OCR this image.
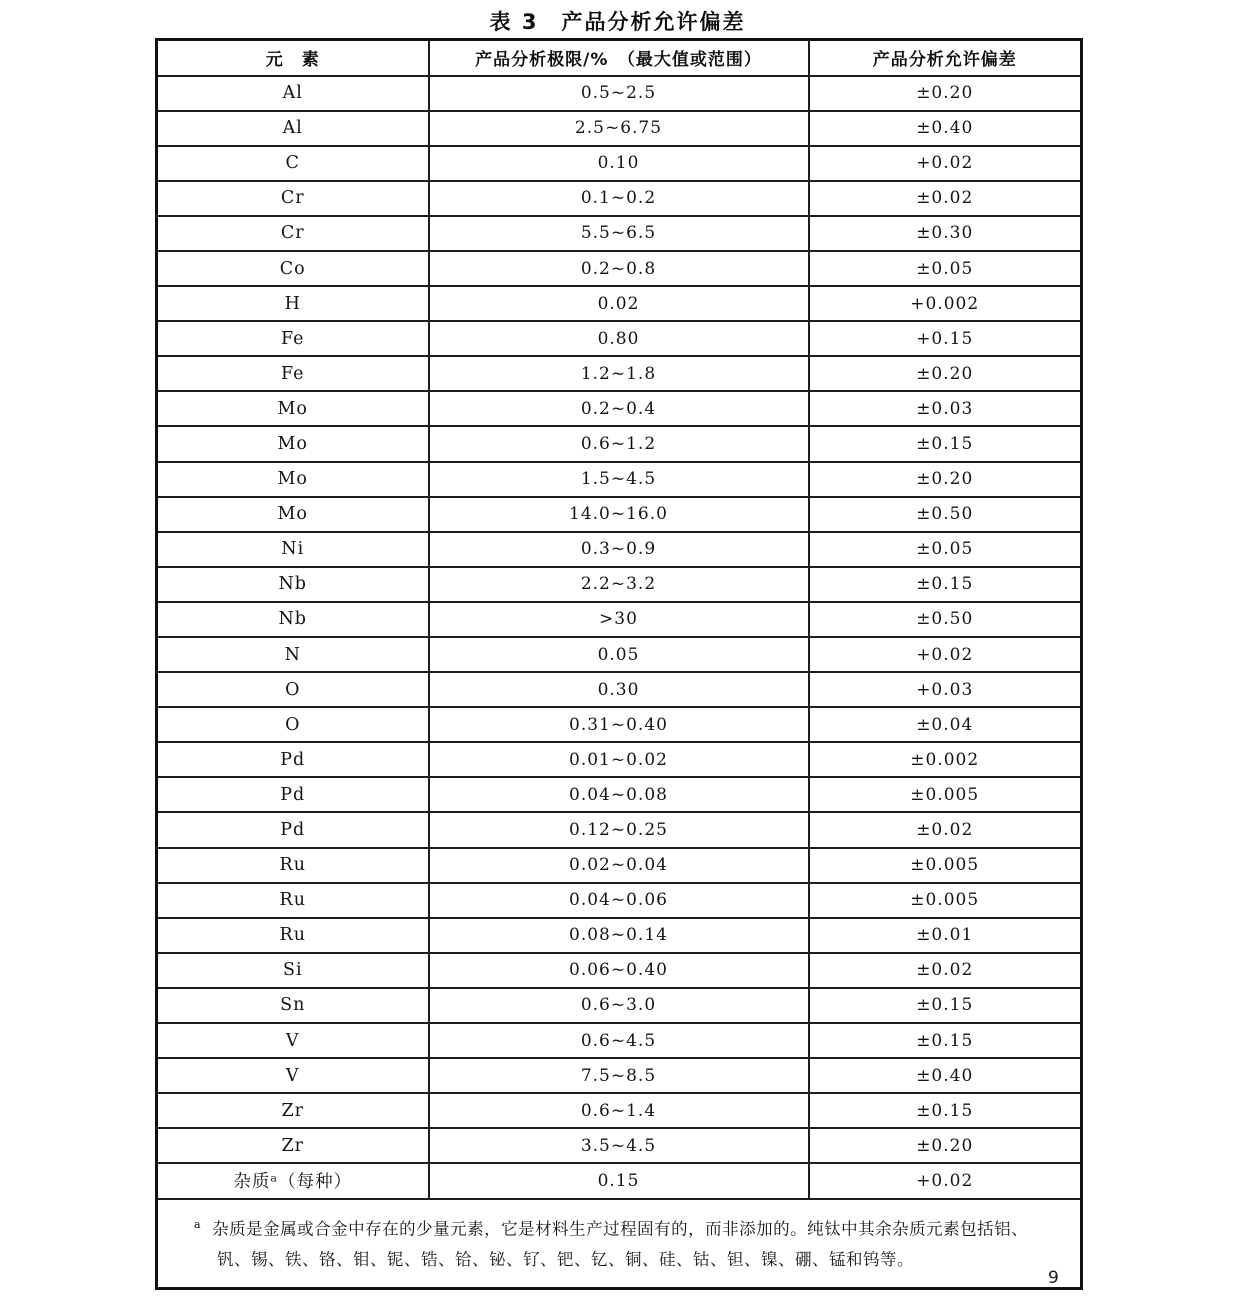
表 3　产品分析允许偏差
元　素	产品分析极限/%　（最大值或范围）	产品分析允许偏差
Al	0.5~2.5	±0.20
Al	2.5~6.75	±0.40
C	0.10	+0.02
Cr	0.1~0.2	±0.02
Cr	5.5~6.5	±0.30
Co	0.2~0.8	±0.05
H	0.02	+0.002
Fe	0.80	+0.15
Fe	1.2~1.8	±0.20
Mo	0.2~0.4	±0.03
Mo	0.6~1.2	±0.15
Mo	1.5~4.5	±0.20
Mo	14.0~16.0	±0.50
Ni	0.3~0.9	±0.05
Nb	2.2~3.2	±0.15
Nb	>30	±0.50
N	0.05	+0.02
O	0.30	+0.03
O	0.31~0.40	±0.04
Pd	0.01~0.02	±0.002
Pd	0.04~0.08	±0.005
Pd	0.12~0.25	±0.02
Ru	0.02~0.04	±0.005
Ru	0.04~0.06	±0.005
Ru	0.08~0.14	±0.01
Si	0.06~0.40	±0.02
Sn	0.6~3.0	±0.15
V	0.6~4.5	±0.15
V	7.5~8.5	±0.40
Zr	0.6~1.4	±0.15
Zr	3.5~4.5	±0.20
杂质ᵃ（每种）	0.15	+0.02

$^a$ 杂质是金属或合金中存在的少量元素，它是材料生产过程固有的，而非添加的。纯钛中其余杂质元素包括铝、
钒、锡、铁、铬、钼、铌、锆、铪、铋、钌、钯、钇、铜、硅、钴、钽、镍、硼、锰和钨等。		
9
